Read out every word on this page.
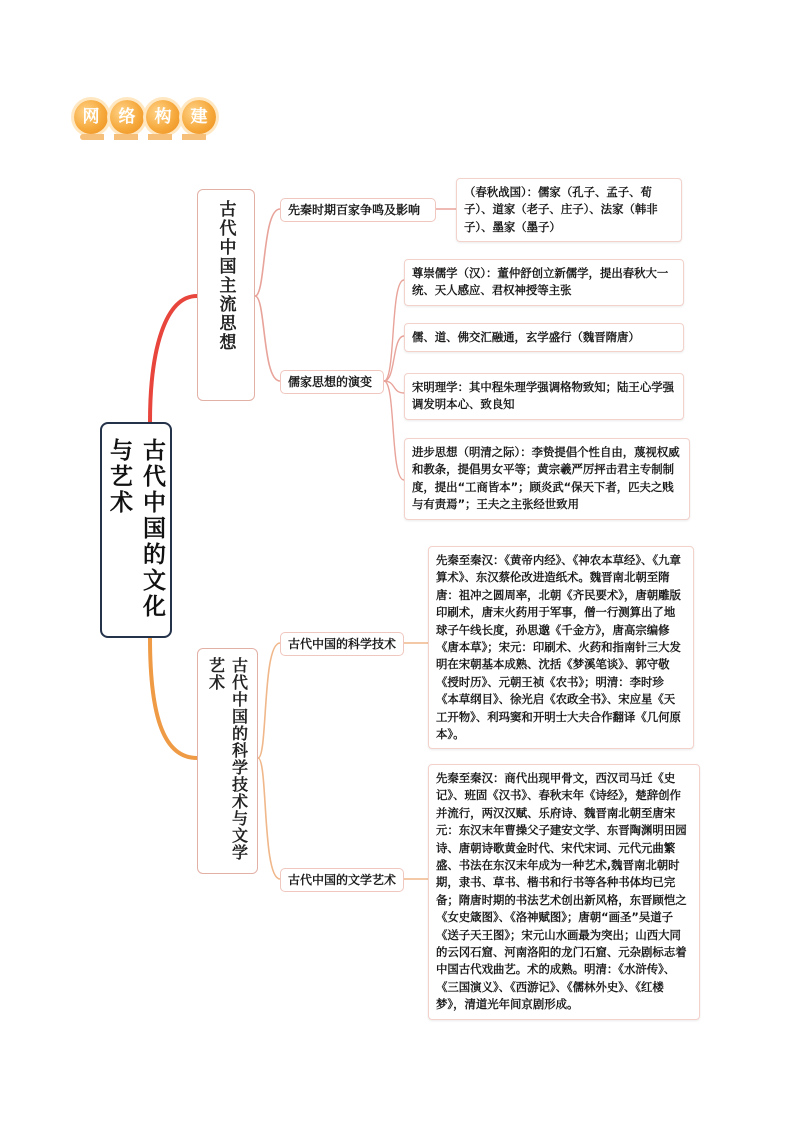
网	络	构	建
古代中国的文化与艺术
古代中国主流思想	先秦时期百家争鸣及影响
（春秋战国）：儒家（孔子、孟子、荀子）、道家（老子、庄子）、法家（韩非子）、墨家（墨子）
儒家思想的演变
尊崇儒学（汉）：董仲舒创立新儒学，提出春秋大一统、天人感应、君权神授等主张
儒、道、佛交汇融通，玄学盛行（魏晋隋唐）
宋明理学：其中程朱理学强调格物致知；陆王心学强调发明本心、致良知
进步思想（明清之际）：李贽提倡个性自由，蔑视权威和教条，提倡男女平等；黄宗羲严厉抨击君主专制制度，提出“工商皆本”；顾炎武“保天下者，匹夫之贱与有责焉”；王夫之主张经世致用
古代中国的科学技术与文学艺术
古代中国的科学技术
先秦至秦汉：《黄帝内经》、《神农本草经》、《九章算术》、东汉蔡伦改进造纸术。魏晋南北朝至隋唐：祖冲之圆周率，北朝《齐民要术》，唐朝雕版印刷术，唐末火药用于军事，僧一行测算出了地球子午线长度，孙思邈《千金方》，唐高宗编修《唐本草》；宋元：印刷术、火药和指南针三大发明在宋朝基本成熟、沈括《梦溪笔谈》、郭守敬《授时历》、元朝王祯《农书》；明清：李时珍《本草纲目》、徐光启《农政全书》、宋应星《天工开物》、利玛窦和开明士大夫合作翻译《几何原本》。
古代中国的文学艺术
先秦至秦汉：商代出现甲骨文，西汉司马迁《史记》、班固《汉书》、春秋末年《诗经》，楚辞创作并流行，两汉汉赋、乐府诗、魏晋南北朝至唐宋元：东汉末年曹操父子建安文学、东晋陶渊明田园诗、唐朝诗歌黄金时代、宋代宋词、元代元曲繁盛、书法在东汉末年成为一种艺术,魏晋南北朝时期，隶书、草书、楷书和行书等各种书体均已完备；隋唐时期的书法艺术创出新风格，东晋顾恺之《女史箴图》、《洛神赋图》；唐朝“画圣”吴道子《送子天王图》；宋元山水画最为突出；山西大同的云冈石窟、河南洛阳的龙门石窟、元杂剧标志着中国古代戏曲艺。术的成熟。明清：《水浒传》、《三国演义》、《西游记》、《儒林外史》、《红楼梦》，清道光年间京剧形成。
